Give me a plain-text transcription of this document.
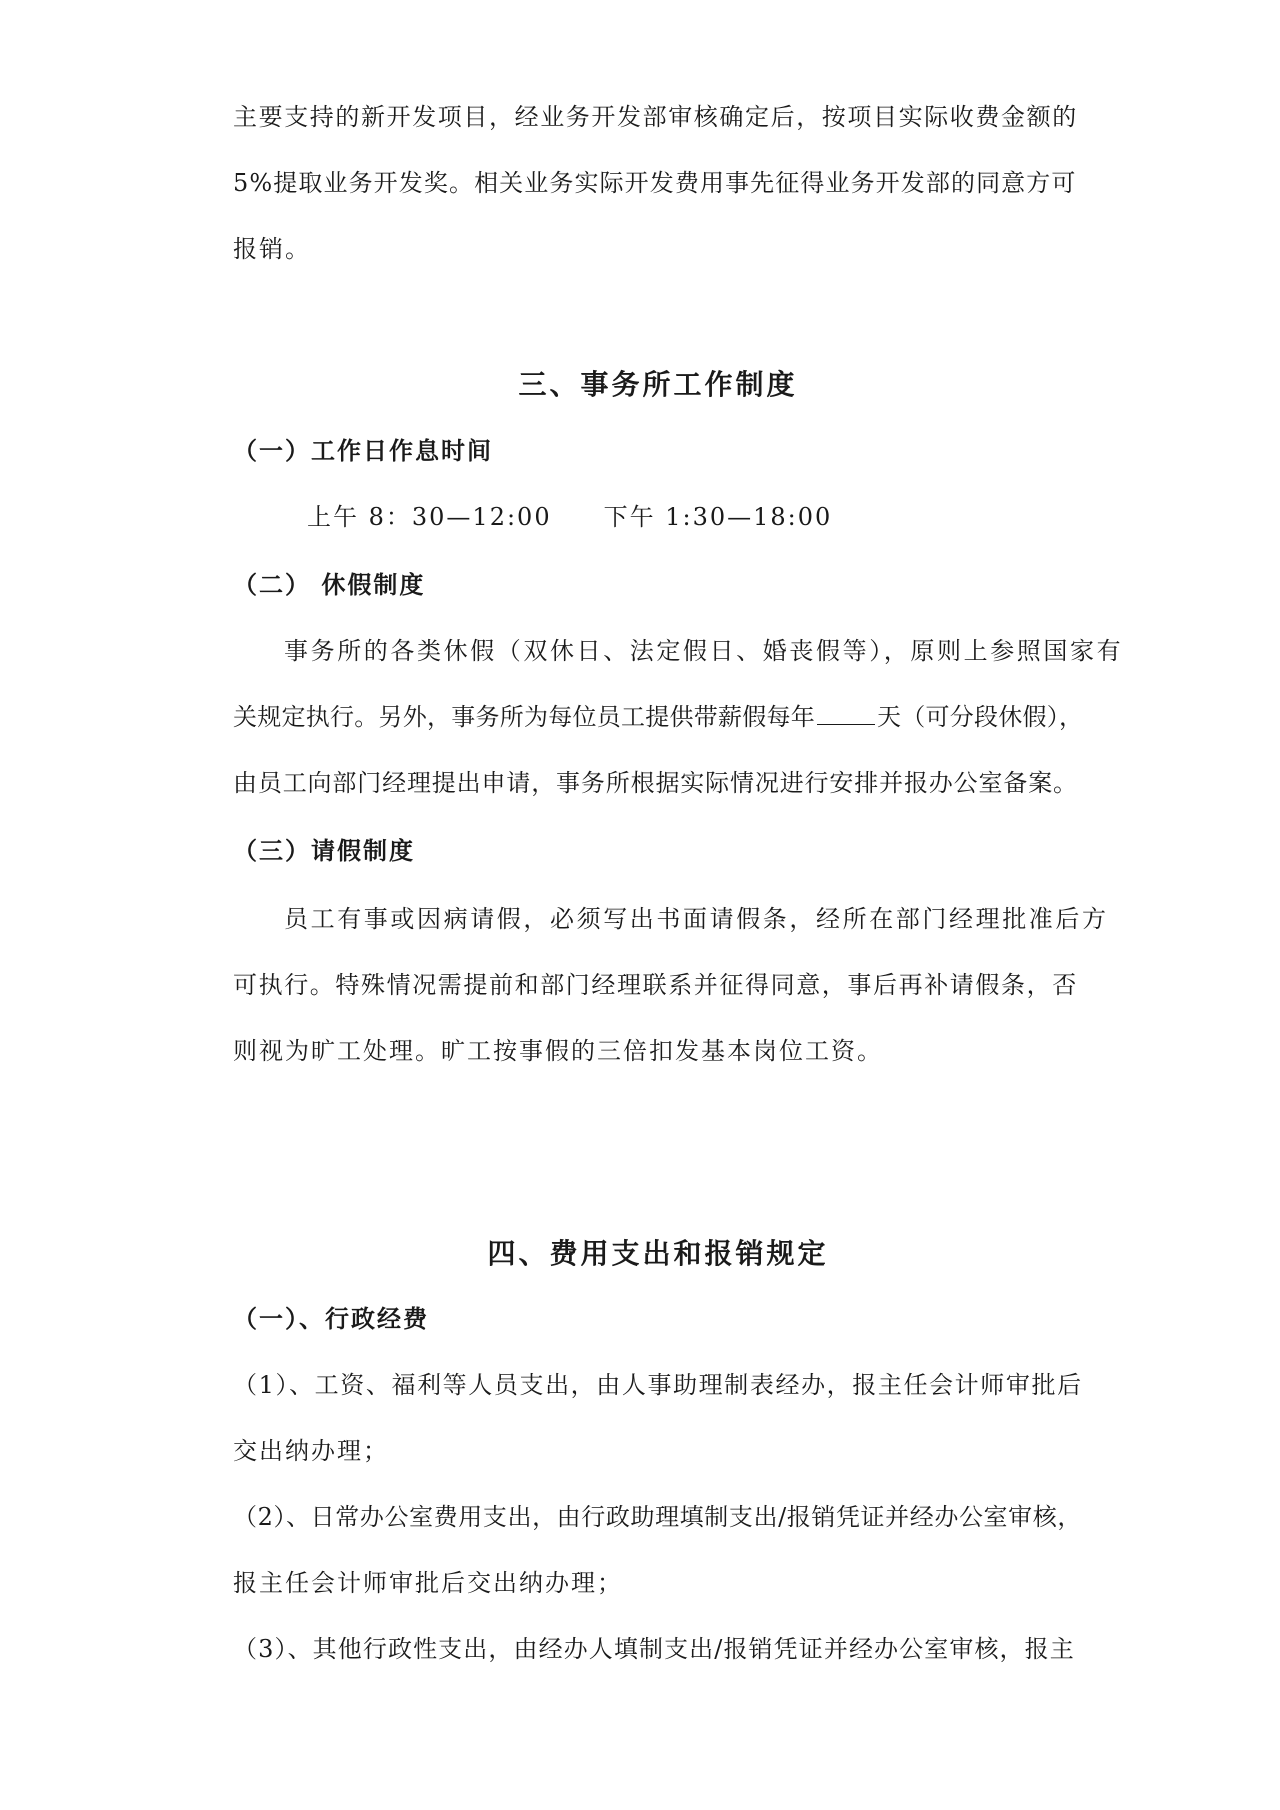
主要支持的新开发项目，经业务开发部审核确定后，按项目实际收费金额的
5%提取业务开发奖。相关业务实际开发费用事先征得业务开发部的同意方可
报销。
三、事务所工作制度
（一）工作日作息时间
上午 8：30—12:00　　下午 1:30—18:00
（二） 休假制度
事务所的各类休假（双休日、法定假日、婚丧假等），原则上参照国家有
关规定执行。另外，事务所为每位员工提供带薪假每年	天（可分段休假），
由员工向部门经理提出申请，事务所根据实际情况进行安排并报办公室备案。
（三）请假制度
员工有事或因病请假，必须写出书面请假条，经所在部门经理批准后方
可执行。特殊情况需提前和部门经理联系并征得同意，事后再补请假条，否
则视为旷工处理。旷工按事假的三倍扣发基本岗位工资。
四、费用支出和报销规定
（一）、行政经费
（1）、工资、福利等人员支出，由人事助理制表经办，报主任会计师审批后
交出纳办理；
（2）、日常办公室费用支出，由行政助理填制支出/报销凭证并经办公室审核，
报主任会计师审批后交出纳办理；
（3）、其他行政性支出，由经办人填制支出/报销凭证并经办公室审核，报主
